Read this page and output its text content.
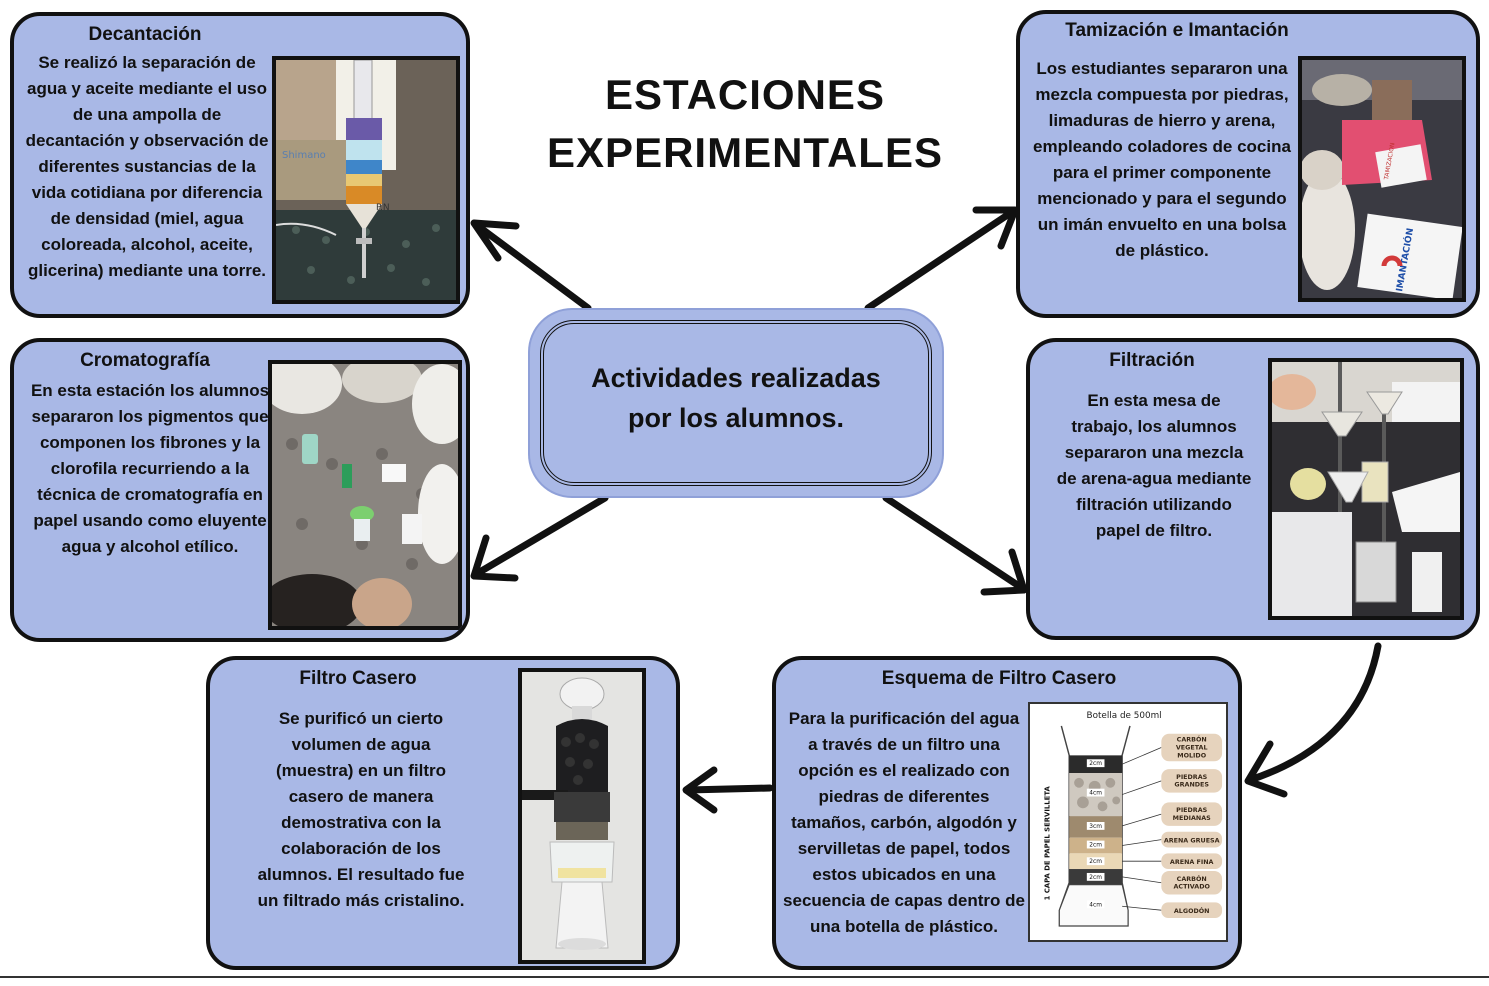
ESTACIONES
EXPERIMENTALES
Actividades realizadas
por los alumnos.
Decantación
Se realizó la separación de agua y aceite mediante el uso de una ampolla de decantación y observación de diferentes sustancias de la vida cotidiana por diferencia de densidad (miel, agua coloreada, alcohol, aceite, glicerina) mediante una torre.
Shimano
P.N
Tamización e Imantación
Los estudiantes separaron una mezcla compuesta por piedras, limaduras de hierro y arena, empleando coladores de cocina para el primer componente mencionado y para el segundo un imán envuelto en una bolsa de plástico.
TAMIZACION
IMANTACIÓN
Cromatografía
En esta estación los alumnos separaron los pigmentos que componen los fibrones y la clorofila recurriendo a la técnica de cromatografía en papel usando como eluyente agua y alcohol etílico.
Filtración
En esta mesa de trabajo, los alumnos separaron una mezcla de arena-agua mediante filtración utilizando papel de filtro.
Filtro Casero
Se purificó un cierto volumen de agua (muestra) en un filtro casero de manera demostrativa con la colaboración de los alumnos. El resultado fue un filtrado más cristalino.
Esquema de Filtro Casero
Para la purificación del agua a través de un filtro una opción es el realizado con piedras de diferentes tamaños, carbón, algodón y servilletas de papel, todos estos ubicados en una secuencia de capas dentro de una botella de plástico.
Botella de 500ml
2cm
4cm
3cm
2cm
2cm
2cm
4cm
1 CAPA DE PAPEL SERVILLETA
CARBÓN
VEGETAL
MOLIDO
PIEDRAS
GRANDES
PIEDRAS
MEDIANAS
ARENA GRUESA
ARENA FINA
CARBÓN
ACTIVADO
ALGODÓN
